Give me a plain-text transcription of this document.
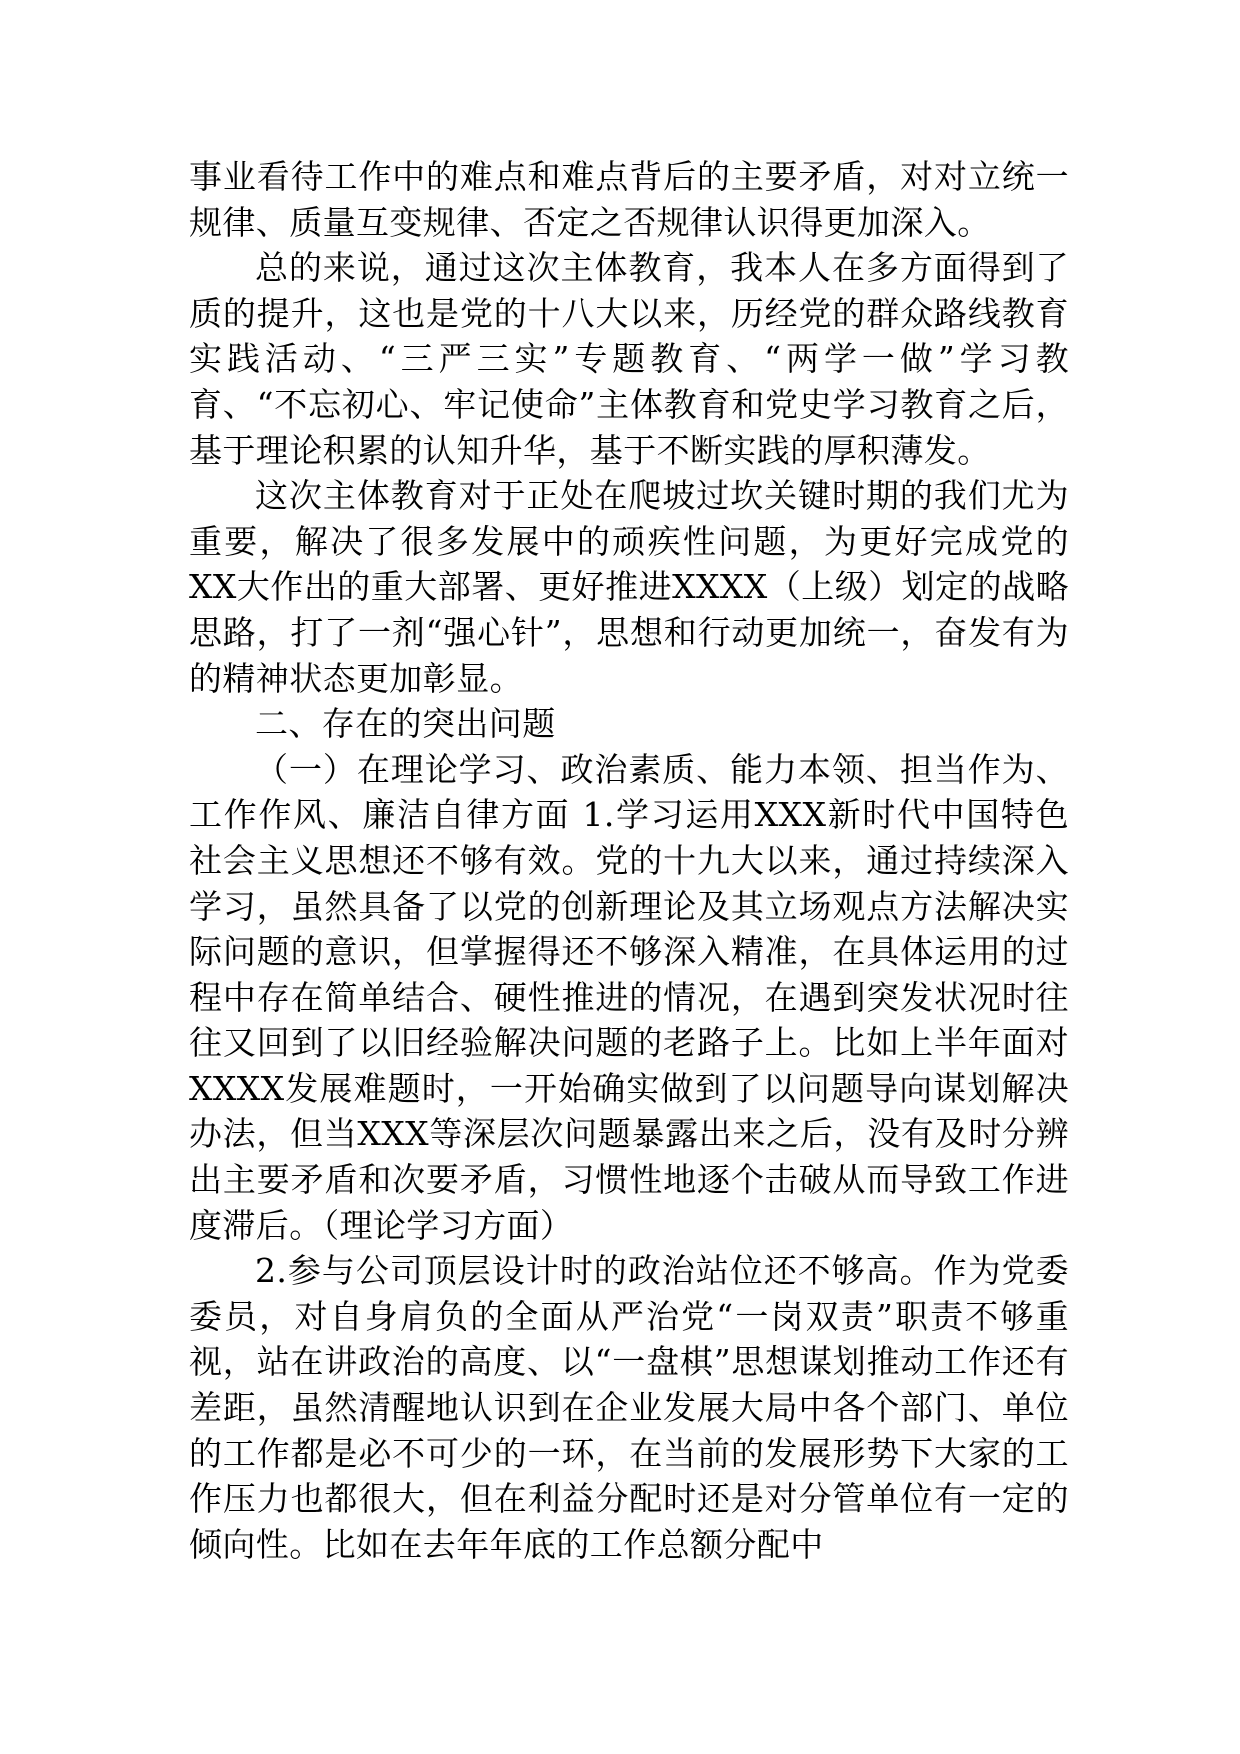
事业看待工作中的难点和难点背后的主要矛盾，对对立统一规律、质量互变规律、否定之否规律认识得更加深入。

总的来说，通过这次主体教育，我本人在多方面得到了质的提升，这也是党的十八大以来，历经党的群众路线教育实践活动、“三严三实”专题教育、“两学一做”学习教育、“不忘初心、牢记使命”主体教育和党史学习教育之后，基于理论积累的认知升华，基于不断实践的厚积薄发。

这次主体教育对于正处在爬坡过坎关键时期的我们尤为重要，解决了很多发展中的顽疾性问题，为更好完成党的XX大作出的重大部署、更好推进XXXX（上级）划定的战略思路，打了一剂“强心针”，思想和行动更加统一，奋发有为的精神状态更加彰显。

二、存在的突出问题

（一）在理论学习、政治素质、能力本领、担当作为、工作作风、廉洁自律方面 1.学习运用XXX新时代中国特色社会主义思想还不够有效。党的十九大以来，通过持续深入学习，虽然具备了以党的创新理论及其立场观点方法解决实际问题的意识，但掌握得还不够深入精准，在具体运用的过程中存在简单结合、硬性推进的情况，在遇到突发状况时往往又回到了以旧经验解决问题的老路子上。比如上半年面对XXXX发展难题时，一开始确实做到了以问题导向谋划解决办法，但当XXX等深层次问题暴露出来之后，没有及时分辨出主要矛盾和次要矛盾，习惯性地逐个击破从而导致工作进度滞后。（理论学习方面）

2.参与公司顶层设计时的政治站位还不够高。作为党委委员，对自身肩负的全面从严治党“一岗双责”职责不够重视，站在讲政治的高度、以“一盘棋”思想谋划推动工作还有差距，虽然清醒地认识到在企业发展大局中各个部门、单位的工作都是必不可少的一环，在当前的发展形势下大家的工作压力也都很大，但在利益分配时还是对分管单位有一定的倾向性。比如在去年年底的工作总额分配中
